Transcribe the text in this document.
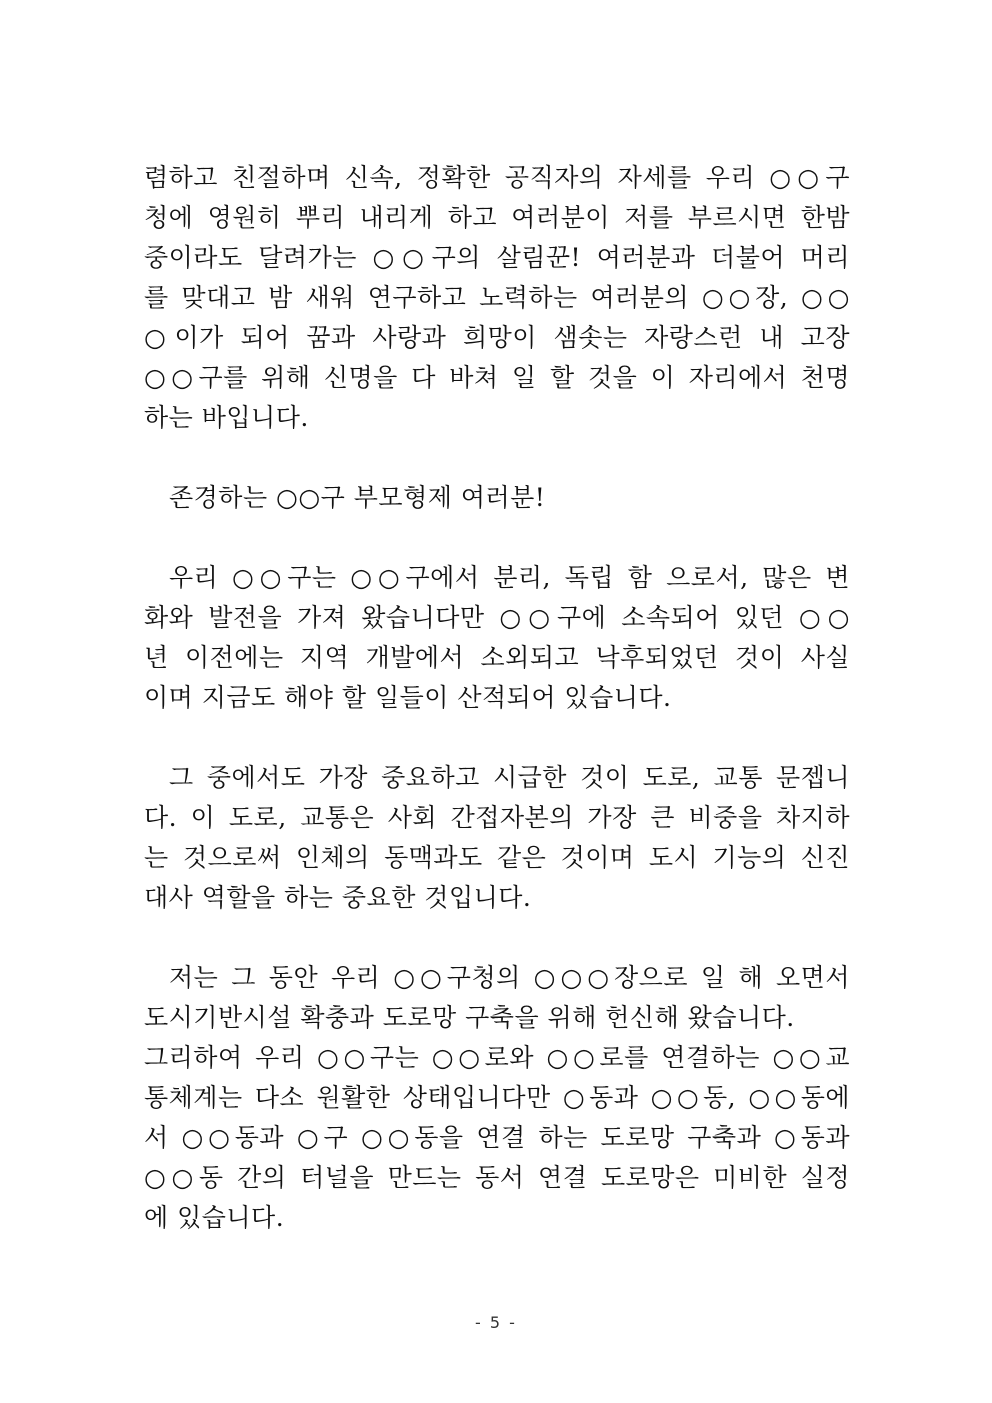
렴하고 친절하며 신속, 정확한 공직자의 자세를 우리 ○○구
청에 영원히 뿌리 내리게 하고 여러분이 저를 부르시면 한밤
중이라도 달려가는 ○○구의 살림꾼! 여러분과 더불어 머리
를 맞대고 밤 새워 연구하고 노력하는 여러분의 ○○장, ○○
○이가 되어 꿈과 사랑과 희망이 샘솟는 자랑스런 내 고장
○○구를 위해 신명을 다 바쳐 일 할 것을 이 자리에서 천명
하는 바입니다.
존경하는 ○○구 부모형제 여러분!
우리 ○○구는 ○○구에서 분리, 독립 함 으로서, 많은 변
화와 발전을 가져 왔습니다만 ○○구에 소속되어 있던 ○○
년 이전에는 지역 개발에서 소외되고 낙후되었던 것이 사실
이며 지금도 해야 할 일들이 산적되어 있습니다.
그 중에서도 가장 중요하고 시급한 것이 도로, 교통 문젭니
다. 이 도로, 교통은 사회 간접자본의 가장 큰 비중을 차지하
는 것으로써 인체의 동맥과도 같은 것이며 도시 기능의 신진
대사 역할을 하는 중요한 것입니다.
저는 그 동안 우리 ○○구청의 ○○○장으로 일 해 오면서
도시기반시설 확충과 도로망 구축을 위해 헌신해 왔습니다.
그리하여 우리 ○○구는 ○○로와 ○○로를 연결하는 ○○교
통체계는 다소 원활한 상태입니다만 ○동과 ○○동, ○○동에
서 ○○동과 ○구 ○○동을 연결 하는 도로망 구축과 ○동과
○○동 간의 터널을 만드는 동서 연결 도로망은 미비한 실정
에 있습니다.
- 5 -
